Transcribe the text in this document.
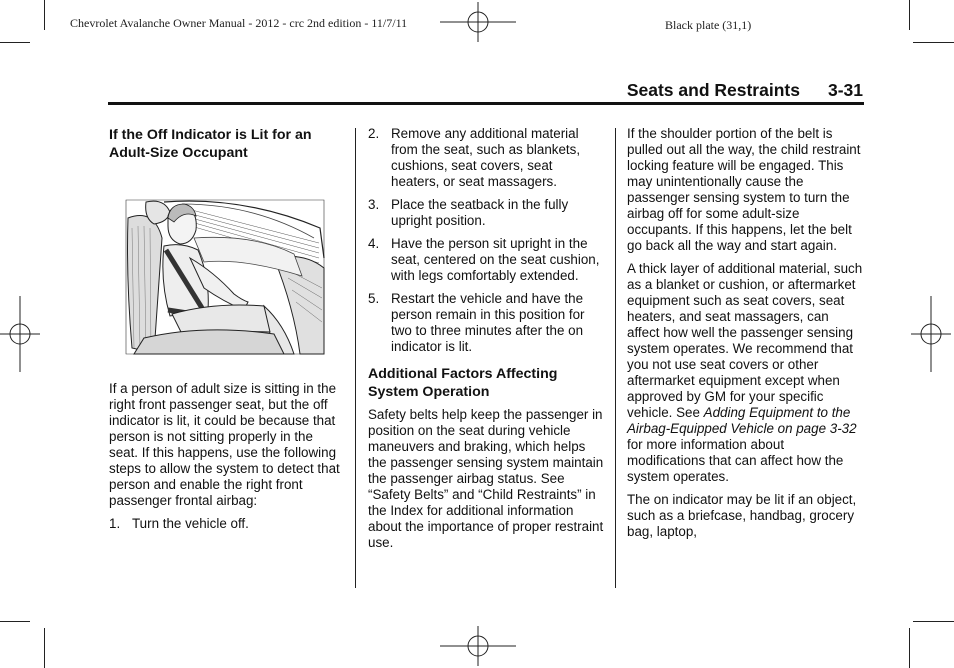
Chevrolet Avalanche Owner Manual - 2012 - crc 2nd edition - 11/7/11	Black plate (31,1)
Seats and Restraints 3-31
If the Off Indicator is Lit for an Adult-Size Occupant

If a person of adult size is sitting in the right front passenger seat, but the off indicator is lit, it could be because that person is not sitting properly in the seat. If this happens, use the following steps to allow the system to detect that person and enable the right front passenger frontal airbag:

1. Turn the vehicle off.
2. Remove any additional material from the seat, such as blankets, cushions, seat covers, seat heaters, or seat massagers.
3. Place the seatback in the fully upright position.
4. Have the person sit upright in the seat, centered on the seat cushion, with legs comfortably extended.
5. Restart the vehicle and have the person remain in this position for two to three minutes after the on indicator is lit.
Additional Factors Affecting System Operation

Safety belts help keep the passenger in position on the seat during vehicle maneuvers and braking, which helps the passenger sensing system maintain the passenger airbag status. See “Safety Belts” and “Child Restraints” in the Index for additional information about the importance of proper restraint use.

If the shoulder portion of the belt is pulled out all the way, the child restraint locking feature will be engaged. This may unintentionally cause the passenger sensing system to turn the airbag off for some adult-size occupants. If this happens, let the belt go back all the way and start again.

A thick layer of additional material, such as a blanket or cushion, or aftermarket equipment such as seat covers, seat heaters, and seat massagers, can affect how well the passenger sensing system operates. We recommend that you not use seat covers or other aftermarket equipment except when approved by GM for your specific vehicle. See Adding Equipment to the Airbag-Equipped Vehicle on page 3-32 for more information about modifications that can affect how the system operates.

The on indicator may be lit if an object, such as a briefcase, handbag, grocery bag, laptop,
